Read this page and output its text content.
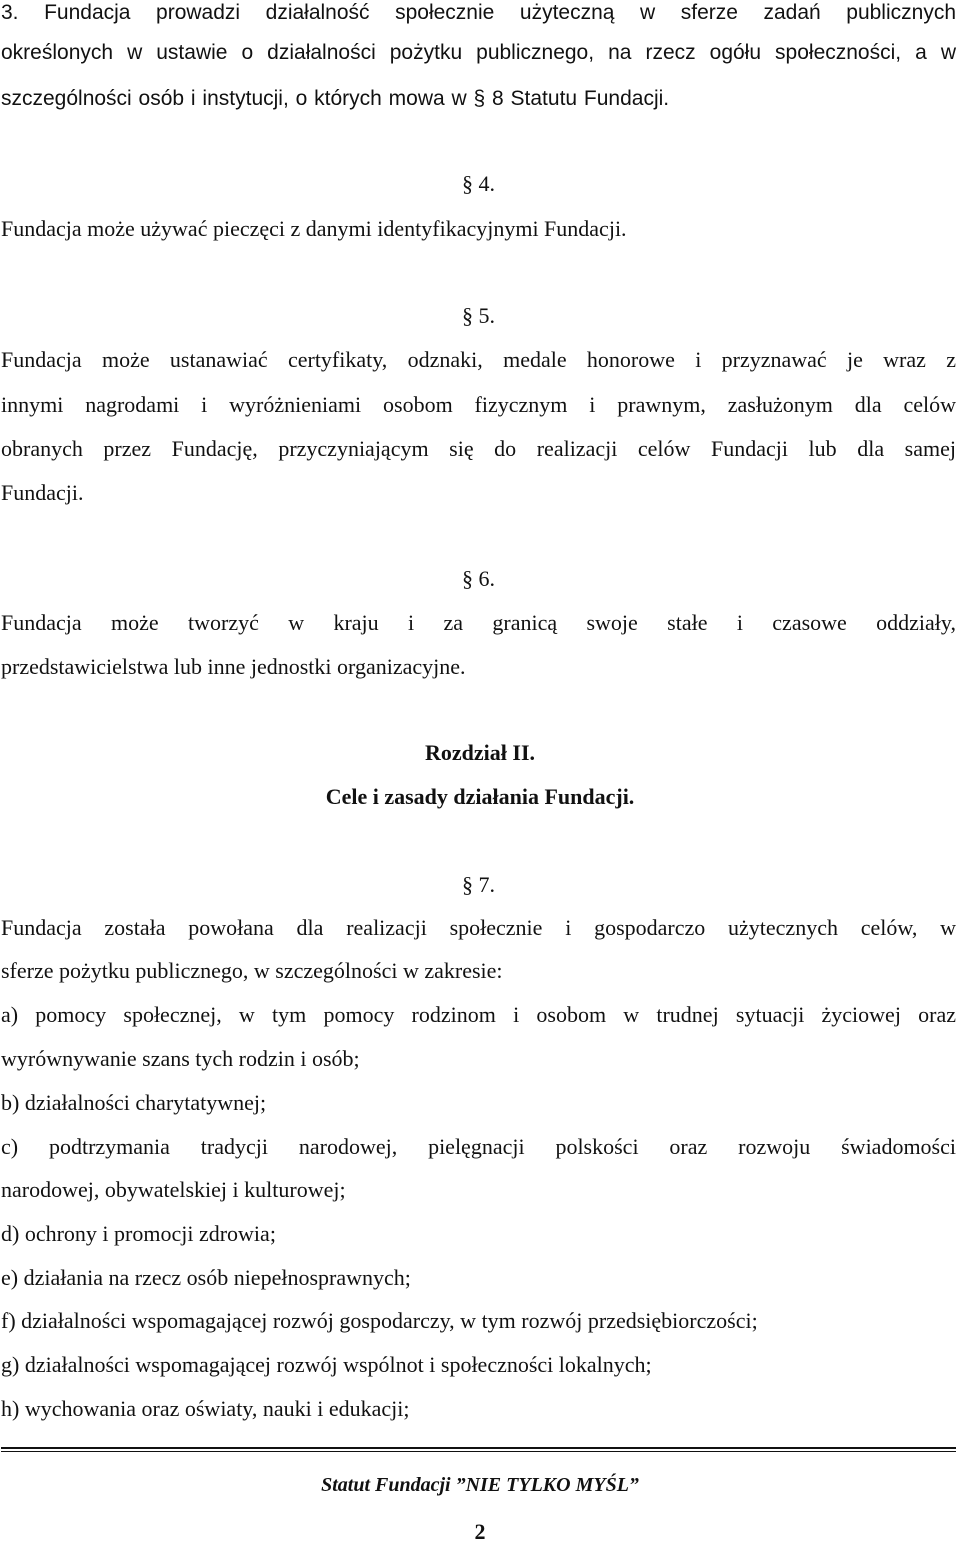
3. Fundacja prowadzi działalność społecznie użyteczną w sferze zadań publicznych
określonych w ustawie o działalności pożytku publicznego, na rzecz ogółu społeczności, a w
szczególności osób i instytucji, o których mowa w § 8 Statutu Fundacji.
§ 4.
Fundacja może używać pieczęci z danymi identyfikacyjnymi Fundacji.
§ 5.
Fundacja może ustanawiać certyfikaty, odznaki, medale honorowe i przyznawać je wraz z
innymi nagrodami i wyróżnieniami osobom fizycznym i prawnym, zasłużonym dla celów
obranych przez Fundację, przyczyniającym się do realizacji celów Fundacji lub dla samej
Fundacji.
§ 6.
Fundacja może tworzyć w kraju i za granicą swoje stałe i czasowe oddziały,
przedstawicielstwa lub inne jednostki organizacyjne.
Rozdział II.
Cele i zasady działania Fundacji.
§ 7.
Fundacja została powołana dla realizacji społecznie i gospodarczo użytecznych celów, w
sferze pożytku publicznego, w szczególności w zakresie:
a) pomocy społecznej, w tym pomocy rodzinom i osobom w trudnej sytuacji życiowej oraz
wyrównywanie szans tych rodzin i osób;
b) działalności charytatywnej;
c) podtrzymania tradycji narodowej, pielęgnacji polskości oraz rozwoju świadomości
narodowej, obywatelskiej i kulturowej;
d) ochrony i promocji zdrowia;
e) działania na rzecz osób niepełnosprawnych;
f) działalności wspomagającej rozwój gospodarczy, w tym rozwój przedsiębiorczości;
g) działalności wspomagającej rozwój wspólnot i społeczności lokalnych;
h) wychowania oraz oświaty, nauki i edukacji;
Statut Fundacji ”NIE TYLKO MYŚL”
2
